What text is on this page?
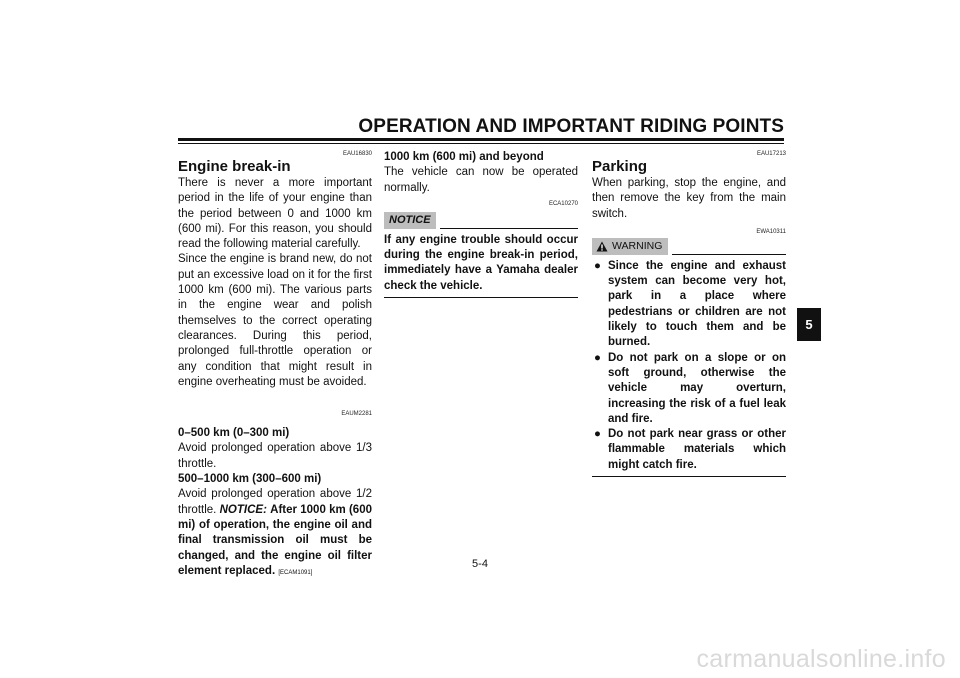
OPERATION AND IMPORTANT RIDING POINTS
EAU16830
Engine break-in

There is never a more important period in the life of your engine than the period between 0 and 1000 km (600 mi). For this reason, you should read the following material carefully.

Since the engine is brand new, do not put an excessive load on it for the first 1000 km (600 mi). The various parts in the engine wear and polish themselves to the correct operating clearances. During this period, prolonged full-throttle operation or any condition that might result in engine overheating must be avoided.

EAUM2281
0–500 km (0–300 mi)

Avoid prolonged operation above 1/3 throttle.

500–1000 km (300–600 mi)

Avoid prolonged operation above 1/2 throttle. NOTICE: After 1000 km (600 mi) of operation, the engine oil and final transmission oil must be changed, and the engine oil filter element replaced. [ECAM1091]

1000 km (600 mi) and beyond

The vehicle can now be operated normally.

ECA10270
NOTICE

If any engine trouble should occur during the engine break-in period, immediately have a Yamaha dealer check the vehicle.

EAU17213
Parking

When parking, stop the engine, and then remove the key from the main switch.

EWA10311
WARNING
● Since the engine and exhaust system can become very hot, park in a place where pedestrians or children are not likely to touch them and be burned.
● Do not park on a slope or on soft ground, otherwise the vehicle may overturn, increasing the risk of a fuel leak and fire.
● Do not park near grass or other flammable materials which might catch fire.
5
5-4
carmanualsonline.info
